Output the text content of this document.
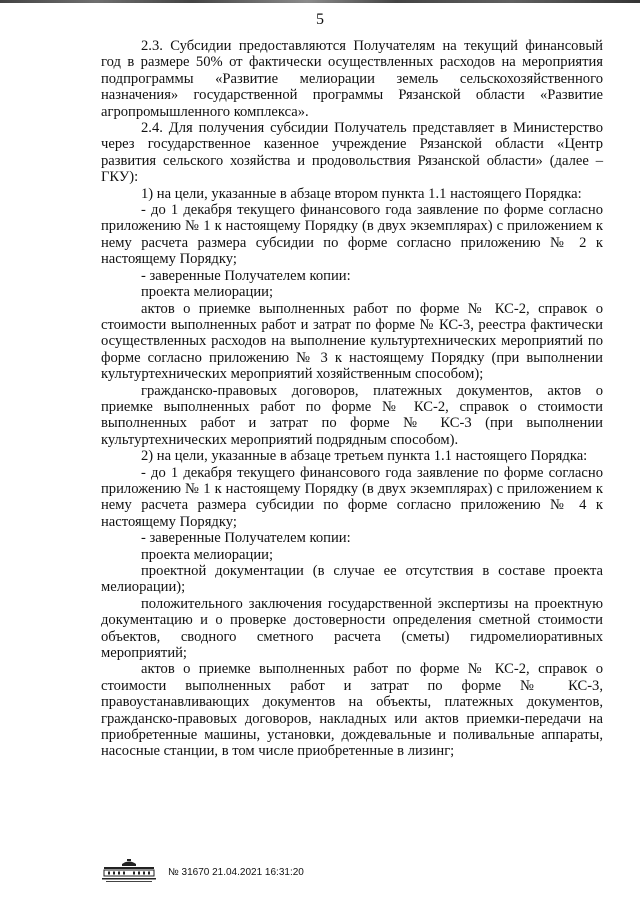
5

2.3. Субсидии предоставляются Получателям на текущий финансовый год в размере 50% от фактически осуществленных расходов на мероприятия подпрограммы «Развитие мелиорации земель сельскохозяйственного назначения» государственной программы Рязанской области «Развитие агропромышленного комплекса».

2.4. Для получения субсидии Получатель представляет в Министерство через государственное казенное учреждение Рязанской области «Центр развития сельского хозяйства и продовольствия Рязанской области» (далее – ГКУ):

1) на цели, указанные в абзаце втором пункта 1.1 настоящего Порядка:

- до 1 декабря текущего финансового года заявление по форме согласно приложению № 1 к настоящему Порядку (в двух экземплярах) с приложением к нему расчета размера субсидии по форме согласно приложению № 2 к настоящему Порядку;

- заверенные Получателем копии:

проекта мелиорации;

актов о приемке выполненных работ по форме № КС-2, справок о стоимости выполненных работ и затрат по форме № КС-3, реестра фактически осуществленных расходов на выполнение культуртехнических мероприятий по форме согласно приложению № 3 к настоящему Порядку (при выполнении культуртехнических мероприятий хозяйственным способом);

гражданско-правовых договоров, платежных документов, актов о приемке выполненных работ по форме № КС-2, справок о стоимости выполненных работ и затрат по форме № КС-3 (при выполнении культуртехнических мероприятий подрядным способом).

2) на цели, указанные в абзаце третьем пункта 1.1 настоящего Порядка:

- до 1 декабря текущего финансового года заявление по форме согласно приложению № 1 к настоящему Порядку (в двух экземплярах) с приложением к нему расчета размера субсидии по форме согласно приложению № 4 к настоящему Порядку;

- заверенные Получателем копии:

проекта мелиорации;

проектной документации (в случае ее отсутствия в составе проекта мелиорации);

положительного заключения государственной экспертизы на проектную документацию и о проверке достоверности определения сметной стоимости объектов, сводного сметного расчета (сметы) гидромелиоративных мероприятий;

актов о приемке выполненных работ по форме № КС-2, справок о стоимости выполненных работ и затрат по форме № КС-3, правоустанавливающих документов на объекты, платежных документов, гражданско-правовых договоров, накладных или актов приемки-передачи на приобретенные машины, установки, дождевальные и поливальные аппараты, насосные станции, в том числе приобретенные в лизинг;

№ 31670 21.04.2021 16:31:20
